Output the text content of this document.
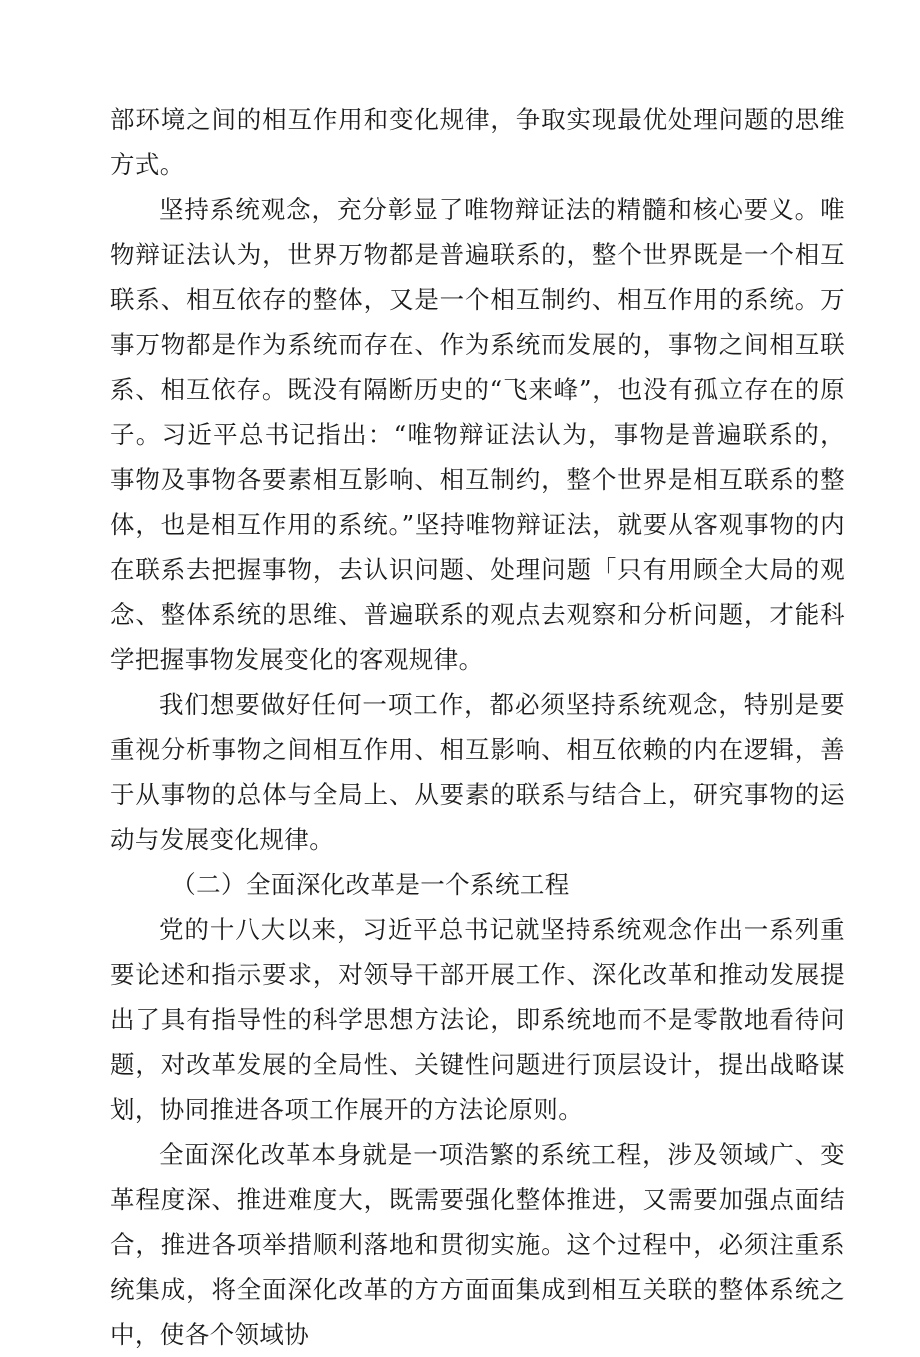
部环境之间的相互作用和变化规律，争取实现最优处理问题的思维方式。

坚持系统观念，充分彰显了唯物辩证法的精髓和核心要义。唯物辩证法认为，世界万物都是普遍联系的，整个世界既是一个相互联系、相互依存的整体，又是一个相互制约、相互作用的系统。万事万物都是作为系统而存在、作为系统而发展的，事物之间相互联系、相互依存。既没有隔断历史的“飞来峰”，也没有孤立存在的原子。习近平总书记指出：“唯物辩证法认为，事物是普遍联系的，事物及事物各要素相互影响、相互制约，整个世界是相互联系的整体，也是相互作用的系统。”坚持唯物辩证法，就要从客观事物的内在联系去把握事物，去认识问题、处理问题「只有用顾全大局的观念、整体系统的思维、普遍联系的观点去观察和分析问题，才能科学把握事物发展变化的客观规律。

我们想要做好任何一项工作，都必须坚持系统观念，特别是要重视分析事物之间相互作用、相互影响、相互依赖的内在逻辑，善于从事物的总体与全局上、从要素的联系与结合上，研究事物的运动与发展变化规律。

（二）全面深化改革是一个系统工程

党的十八大以来，习近平总书记就坚持系统观念作出一系列重要论述和指示要求，对领导干部开展工作、深化改革和推动发展提出了具有指导性的科学思想方法论，即系统地而不是零散地看待问题，对改革发展的全局性、关键性问题进行顶层设计，提出战略谋划，协同推进各项工作展开的方法论原则。

全面深化改革本身就是一项浩繁的系统工程，涉及领域广、变革程度深、推进难度大，既需要强化整体推进，又需要加强点面结合，推进各项举措顺利落地和贯彻实施。这个过程中，必须注重系统集成，将全面深化改革的方方面面集成到相互关联的整体系统之中，使各个领域协
